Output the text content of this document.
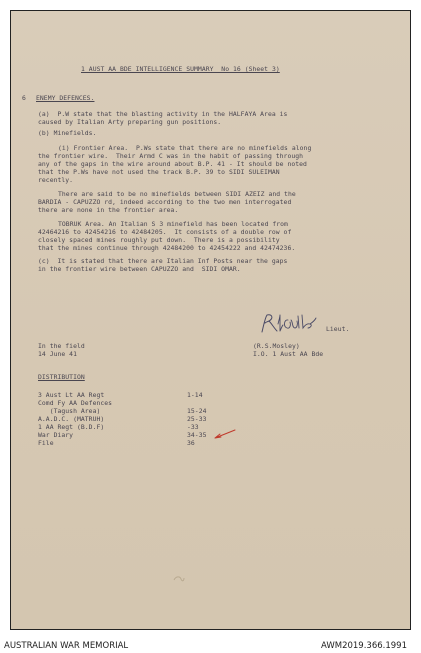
1 AUST AA BDE INTELLIGENCE SUMMARY  No 16 (Sheet 3)
6 ENEMY DEFENCES.
(a)  P.W state that the blasting activity in the HALFAYA Area is
caused by Italian Arty preparing gun positions.
(b) Minefields.
(i) Frontier Area.  P.Ws state that there are no minefields along
the frontier wire.  Their Armd C was in the habit of passing through
any of the gaps in the wire around about B.P. 41 - It should be noted
that the P.Ws have not used the track B.P. 39 to SIDI SULEIMAN
recently.
There are said to be no minefields between SIDI AZEIZ and the
BARDIA - CAPUZZO rd, indeed according to the two men interrogated
there are none in the frontier area.
TOBRUK Area. An Italian S 3 minefield has been located from
42464216 to 42454216 to 42484205.  It consists of a double row of
closely spaced mines roughly put down.  There is a possibility
that the mines continue through 42484200 to 42454222 and 42474236.
(c)  It is stated that there are Italian Inf Posts near the gaps
in the frontier wire between CAPUZZO and  SIDI OMAR.
Lieut.
In the field
14 June 41
(R.S.Mosley)
I.O. 1 Aust AA Bde
DISTRIBUTION
3 Aust Lt AA Regt	1-14
Comd Fy AA Defences
(Tagush Area)	15-24
A.A.D.C. (MATRUH)	25-33
1 AA Regt (B.D.F)	-33
War Diary	34-35
File	36
AUSTRALIAN WAR MEMORIAL	AWM2019.366.1991
